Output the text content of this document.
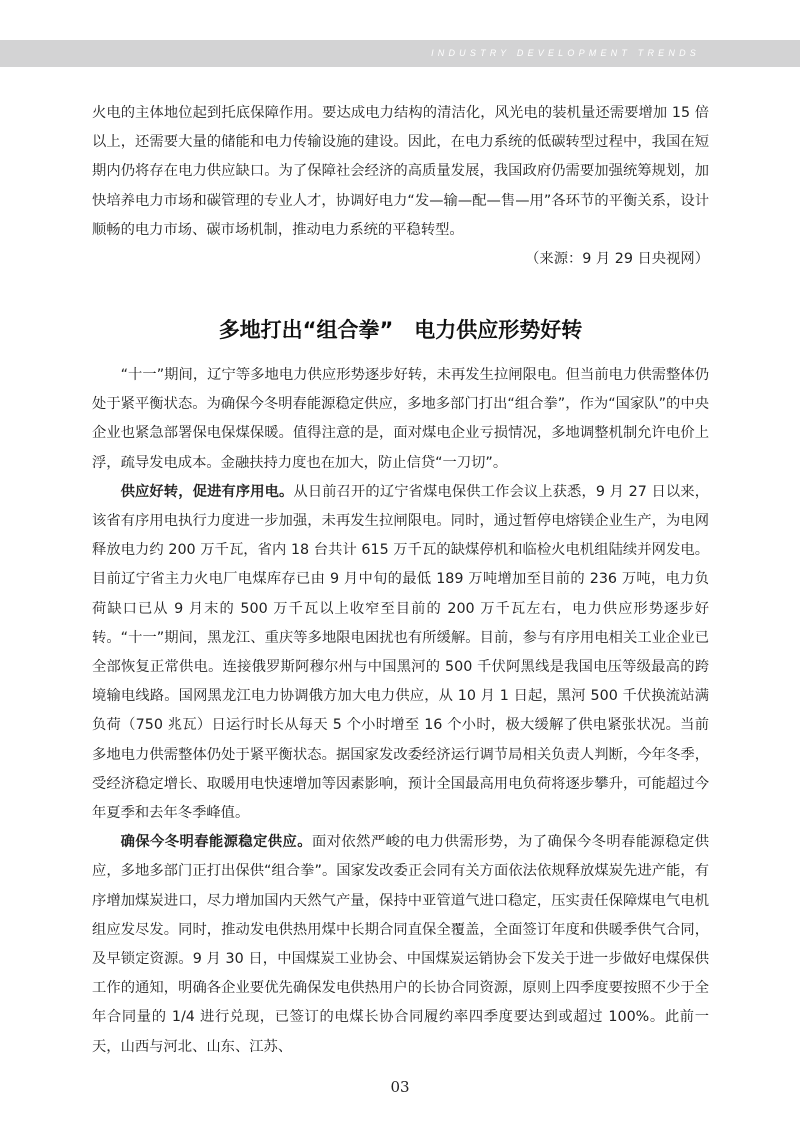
INDUSTRY DEVELOPMENT TRENDS

火电的主体地位起到托底保障作用。要达成电力结构的清洁化，风光电的装机量还需要增加 15 倍以上，还需要大量的储能和电力传输设施的建设。因此，在电力系统的低碳转型过程中，我国在短期内仍将存在电力供应缺口。为了保障社会经济的高质量发展，我国政府仍需要加强统筹规划，加快培养电力市场和碳管理的专业人才，协调好电力“发—输—配—售—用”各环节的平衡关系，设计顺畅的电力市场、碳市场机制，推动电力系统的平稳转型。

（来源：9 月 29 日央视网）

多地打出“组合拳”　电力供应形势好转

“十一”期间，辽宁等多地电力供应形势逐步好转，未再发生拉闸限电。但当前电力供需整体仍处于紧平衡状态。为确保今冬明春能源稳定供应，多地多部门打出“组合拳”，作为“国家队”的中央企业也紧急部署保电保煤保暖。值得注意的是，面对煤电企业亏损情况，多地调整机制允许电价上浮，疏导发电成本。金融扶持力度也在加大，防止信贷“一刀切”。

供应好转，促进有序用电。从日前召开的辽宁省煤电保供工作会议上获悉，9 月 27 日以来，该省有序用电执行力度进一步加强，未再发生拉闸限电。同时，通过暂停电熔镁企业生产，为电网释放电力约 200 万千瓦，省内 18 台共计 615 万千瓦的缺煤停机和临检火电机组陆续并网发电。目前辽宁省主力火电厂电煤库存已由 9 月中旬的最低 189 万吨增加至目前的 236 万吨，电力负荷缺口已从 9 月末的 500 万千瓦以上收窄至目前的 200 万千瓦左右，电力供应形势逐步好转。“十一”期间，黑龙江、重庆等多地限电困扰也有所缓解。目前，参与有序用电相关工业企业已全部恢复正常供电。连接俄罗斯阿穆尔州与中国黑河的 500 千伏阿黑线是我国电压等级最高的跨境输电线路。国网黑龙江电力协调俄方加大电力供应，从 10 月 1 日起，黑河 500 千伏换流站满负荷（750 兆瓦）日运行时长从每天 5 个小时增至 16 个小时，极大缓解了供电紧张状况。当前多地电力供需整体仍处于紧平衡状态。据国家发改委经济运行调节局相关负责人判断，今年冬季，受经济稳定增长、取暖用电快速增加等因素影响，预计全国最高用电负荷将逐步攀升，可能超过今年夏季和去年冬季峰值。

确保今冬明春能源稳定供应。面对依然严峻的电力供需形势，为了确保今冬明春能源稳定供应，多地多部门正打出保供“组合拳”。国家发改委正会同有关方面依法依规释放煤炭先进产能，有序增加煤炭进口，尽力增加国内天然气产量，保持中亚管道气进口稳定，压实责任保障煤电气电机组应发尽发。同时，推动发电供热用煤中长期合同直保全覆盖，全面签订年度和供暖季供气合同，及早锁定资源。9 月 30 日，中国煤炭工业协会、中国煤炭运销协会下发关于进一步做好电煤保供工作的通知，明确各企业要优先确保发电供热用户的长协合同资源，原则上四季度要按照不少于全年合同量的 1/4 进行兑现，已签订的电煤长协合同履约率四季度要达到或超过 100%。此前一天，山西与河北、山东、江苏、

03
